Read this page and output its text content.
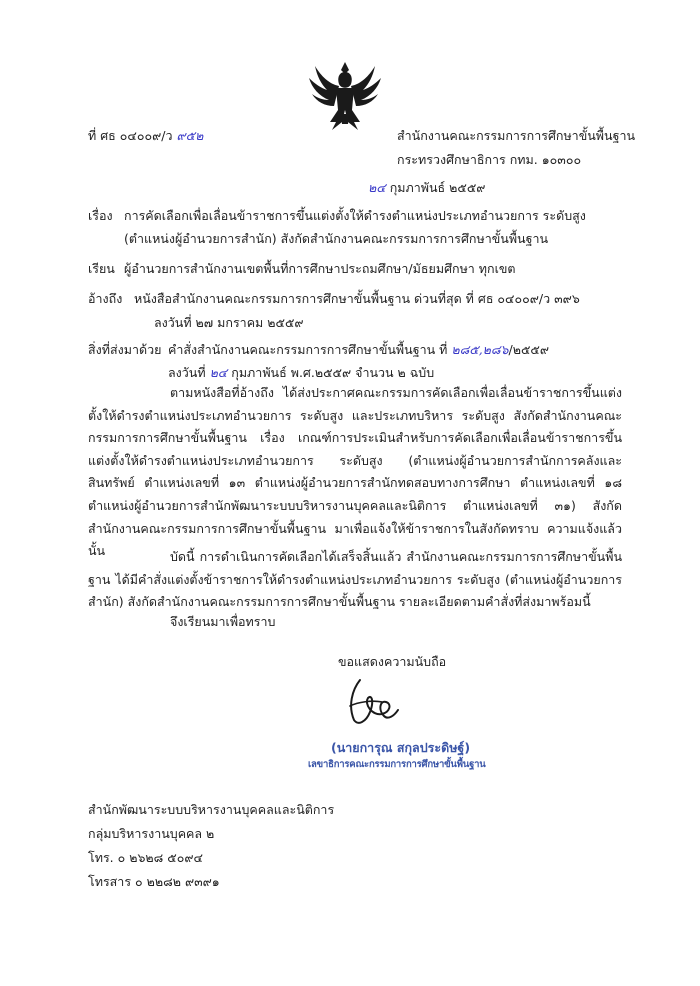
ที่ ศธ ๐๔๐๐๙/ว ๙๕๒	สำนักงานคณะกรรมการการศึกษาขั้นพื้นฐาน
กระทรวงศึกษาธิการ กทม. ๑๐๓๐๐
๒๔ กุมภาพันธ์ ๒๕๕๙
เรื่อง การคัดเลือกเพื่อเลื่อนข้าราชการขึ้นแต่งตั้งให้ดำรงตำแหน่งประเภทอำนวยการ ระดับสูง
(ตำแหน่งผู้อำนวยการสำนัก) สังกัดสำนักงานคณะกรรมการการศึกษาขั้นพื้นฐาน
เรียน ผู้อำนวยการสำนักงานเขตพื้นที่การศึกษาประถมศึกษา/มัธยมศึกษา ทุกเขต
อ้างถึง หนังสือสำนักงานคณะกรรมการการศึกษาขั้นพื้นฐาน ด่วนที่สุด ที่ ศธ ๐๔๐๐๙/ว ๓๙๖
ลงวันที่ ๒๗ มกราคม ๒๕๕๙
สิ่งที่ส่งมาด้วย คำสั่งสำนักงานคณะกรรมการการศึกษาขั้นพื้นฐาน ที่ ๒๘๕,๒๘๖/๒๕๕๙
ลงวันที่ ๒๔ กุมภาพันธ์ พ.ศ.๒๕๕๙ จำนวน ๒ ฉบับ
ตามหนังสือที่อ้างถึง ได้ส่งประกาศคณะกรรมการคัดเลือกเพื่อเลื่อนข้าราชการขึ้นแต่งตั้งให้ดำรงตำแหน่งประเภทอำนวยการ ระดับสูง และประเภทบริหาร ระดับสูง สังกัดสำนักงานคณะกรรมการการศึกษาขั้นพื้นฐาน เรื่อง เกณฑ์การประเมินสำหรับการคัดเลือกเพื่อเลื่อนข้าราชการขึ้นแต่งตั้งให้ดำรงตำแหน่งประเภทอำนวยการ ระดับสูง (ตำแหน่งผู้อำนวยการสำนักการคลังและสินทรัพย์ ตำแหน่งเลขที่ ๑๓ ตำแหน่งผู้อำนวยการสำนักทดสอบทางการศึกษา ตำแหน่งเลขที่ ๑๘ ตำแหน่งผู้อำนวยการสำนักพัฒนาระบบบริหารงานบุคคลและนิติการ ตำแหน่งเลขที่ ๓๑) สังกัดสำนักงานคณะกรรมการการศึกษาขั้นพื้นฐาน มาเพื่อแจ้งให้ข้าราชการในสังกัดทราบ ความแจ้งแล้ว นั้น	บัดนี้ การดำเนินการคัดเลือกได้เสร็จสิ้นแล้ว สำนักงานคณะกรรมการการศึกษาขั้นพื้นฐาน ได้มีคำสั่งแต่งตั้งข้าราชการให้ดำรงตำแหน่งประเภทอำนวยการ ระดับสูง (ตำแหน่งผู้อำนวยการสำนัก) สังกัดสำนักงานคณะกรรมการการศึกษาขั้นพื้นฐาน รายละเอียดตามคำสั่งที่ส่งมาพร้อมนี้
จึงเรียนมาเพื่อทราบ
ขอแสดงความนับถือ
(นายการุณ สกุลประดิษฐ์)
เลขาธิการคณะกรรมการการศึกษาขั้นพื้นฐาน
สำนักพัฒนาระบบบริหารงานบุคคลและนิติการ
กลุ่มบริหารงานบุคคล ๒
โทร. ๐ ๒๖๒๘ ๕๐๙๔
โทรสาร ๐ ๒๒๘๒ ๙๓๙๑
